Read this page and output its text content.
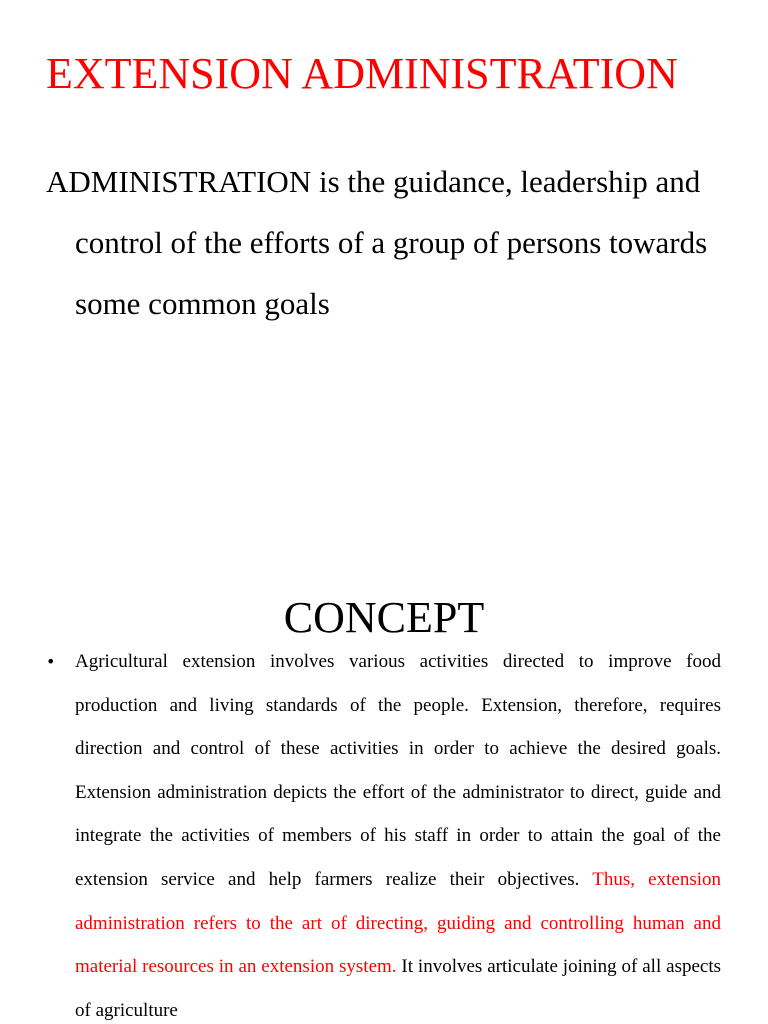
EXTENSION ADMINISTRATION

ADMINISTRATION is the guidance, leadership and control of the efforts of a group of persons towards some common goals

CONCEPT
• Agricultural extension involves various activities directed to improve food production and living standards of the people. Extension, therefore, requires direction and control of these activities in order to achieve the desired goals. Extension administration depicts the effort of the administrator to direct, guide and integrate the activities of members of his staff in order to attain the goal of the extension service and help farmers realize their objectives. Thus, extension administration refers to the art of directing, guiding and controlling human and material resources in an extension system. It involves articulate joining of all aspects of agriculture
